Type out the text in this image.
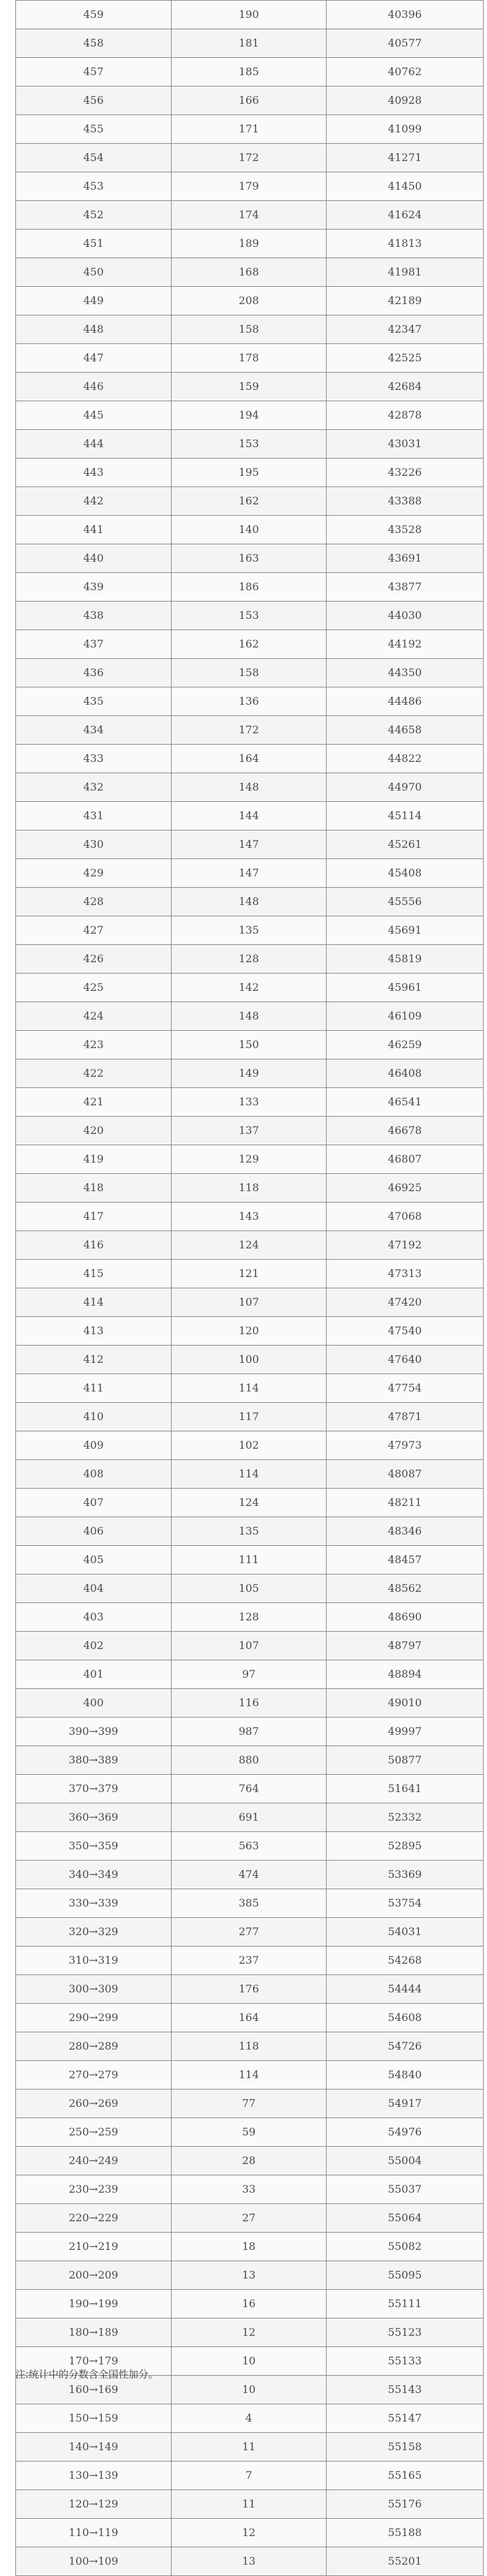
459	190	40396
458	181	40577
457	185	40762
456	166	40928
455	171	41099
454	172	41271
453	179	41450
452	174	41624
451	189	41813
450	168	41981
449	208	42189
448	158	42347
447	178	42525
446	159	42684
445	194	42878
444	153	43031
443	195	43226
442	162	43388
441	140	43528
440	163	43691
439	186	43877
438	153	44030
437	162	44192
436	158	44350
435	136	44486
434	172	44658
433	164	44822
432	148	44970
431	144	45114
430	147	45261
429	147	45408
428	148	45556
427	135	45691
426	128	45819
425	142	45961
424	148	46109
423	150	46259
422	149	46408
421	133	46541
420	137	46678
419	129	46807
418	118	46925
417	143	47068
416	124	47192
415	121	47313
414	107	47420
413	120	47540
412	100	47640
411	114	47754
410	117	47871
409	102	47973
408	114	48087
407	124	48211
406	135	48346
405	111	48457
404	105	48562
403	128	48690
402	107	48797
401	97	48894
400	116	49010
390→399	987	49997
380→389	880	50877
370→379	764	51641
360→369	691	52332
350→359	563	52895
340→349	474	53369
330→339	385	53754
320→329	277	54031
310→319	237	54268
300→309	176	54444
290→299	164	54608
280→289	118	54726
270→279	114	54840
260→269	77	54917
250→259	59	54976
240→249	28	55004
230→239	33	55037
220→229	27	55064
210→219	18	55082
200→209	13	55095
190→199	16	55111
180→189	12	55123
170→179	10	55133
160→169	10	55143
150→159	4	55147
140→149	11	55158
130→139	7	55165
120→129	11	55176
110→119	12	55188
100→109	13	55201

注:统计中的分数含全国性加分。
